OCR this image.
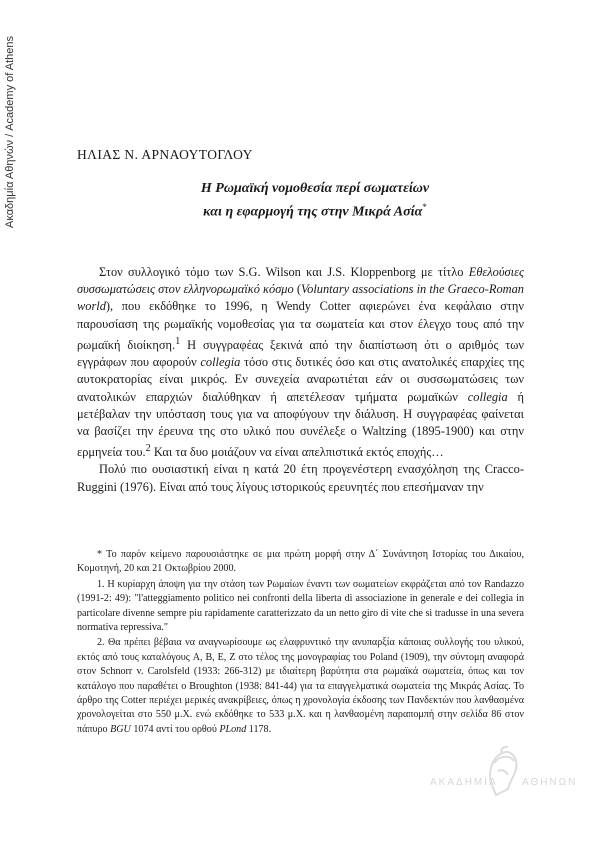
Ακαδημία Αθηνών / Academy of Athens	ΗΛΙΑΣ Ν. ΑΡΝΑΟΥΤΟΓΛΟΥ
Η Ρωμαϊκή νομοθεσία περί σωματείων
και η εφαρμογή της στην Μικρά Ασία*

Στον συλλογικό τόμο των S.G. Wilson και J.S. Kloppenborg με τίτλο Εθελούσιες συσσωματώσεις στον ελληνορωμαϊκό κόσμο (Voluntary associations in the Graeco-Roman world), που εκδόθηκε το 1996, η Wendy Cotter αφιερώνει ένα κεφάλαιο στην παρουσίαση της ρωμαϊκής νομοθεσίας για τα σωματεία και στον έλεγχο τους από την ρωμαϊκή διοίκηση.$^1$ Η συγγραφέας ξεκινά από την διαπίστωση ότι ο αριθμός των εγγράφων που αφορούν collegia τόσο στις δυτικές όσο και στις ανατολικές επαρχίες της αυτοκρατορίας είναι μικρός. Εν συνεχεία αναρωτιέται εάν οι συσσωματώσεις των ανατολικών επαρχιών διαλύθηκαν ή απετέλεσαν τμήματα ρωμαϊκών collegia ή μετέβαλαν την υπόσταση τους για να αποφύγουν την διάλυση. Η συγγραφέας φαίνεται να βασίζει την έρευνα της στο υλικό που συνέλεξε ο Waltzing (1895-1900) και στην ερμηνεία του.$^2$ Και τα δυο μοιάζουν να είναι απελπιστικά εκτός εποχής…

Πολύ πιο ουσιαστική είναι η κατά 20 έτη προγενέστερη ενασχόληση της Cracco-Ruggini (1976). Είναι από τους λίγους ιστορικούς ερευνητές που επεσήμαναν την

* Το παρόν κείμενο παρουσιάστηκε σε μια πρώτη μορφή στην Δ΄ Συνάντηση Ιστορίας του Δικαίου, Κομοτηνή, 20 και 21 Οκτωβρίου 2000.

1. Η κυρίαρχη άποψη για την στάση των Ρωμαίων έναντι των σωματείων εκφράζεται από τον Randazzo (1991-2: 49): "l'atteggiamento politico nei confronti della liberta di associazione in generale e dei collegia in particolare divenne sempre piu rapidamente caratterizzato da un netto giro di vite che si tradusse in una severa normativa repressiva."

2. Θα πρέπει βέβαια να αναγνωρίσουμε ως ελαφρυντικό την ανυπαρξία κάποιας συλλογής του υλικού, εκτός από τους καταλόγους A, B, E, Z στο τέλος της μονογραφίας του Poland (1909), την σύντομη αναφορά στον Schnorr v. Carolsfeld (1933: 266-312) με ιδιαίτερη βαρύτητα στα ρωμαϊκά σωματεία, όπως και τον κατάλογο που παραθέτει ο Broughton (1938: 841-44) για τα επαγγελματικά σωματεία της Μικράς Ασίας. Το άρθρο της Cotter περιέχει μερικές ανακρίβειες, όπως η χρονολογία έκδοσης των Πανδεκτών που λανθασμένα χρονολογείται στο 550 μ.Χ. ενώ εκδόθηκε το 533 μ.Χ. και η λανθασμένη παραπομπή στην σελίδα 86 στον πάπυρο BGU 1074 αντί του ορθού PLond 1178.

ΑΚΑΔΗΜΙΑ ΑΘΗΝΩΝ
